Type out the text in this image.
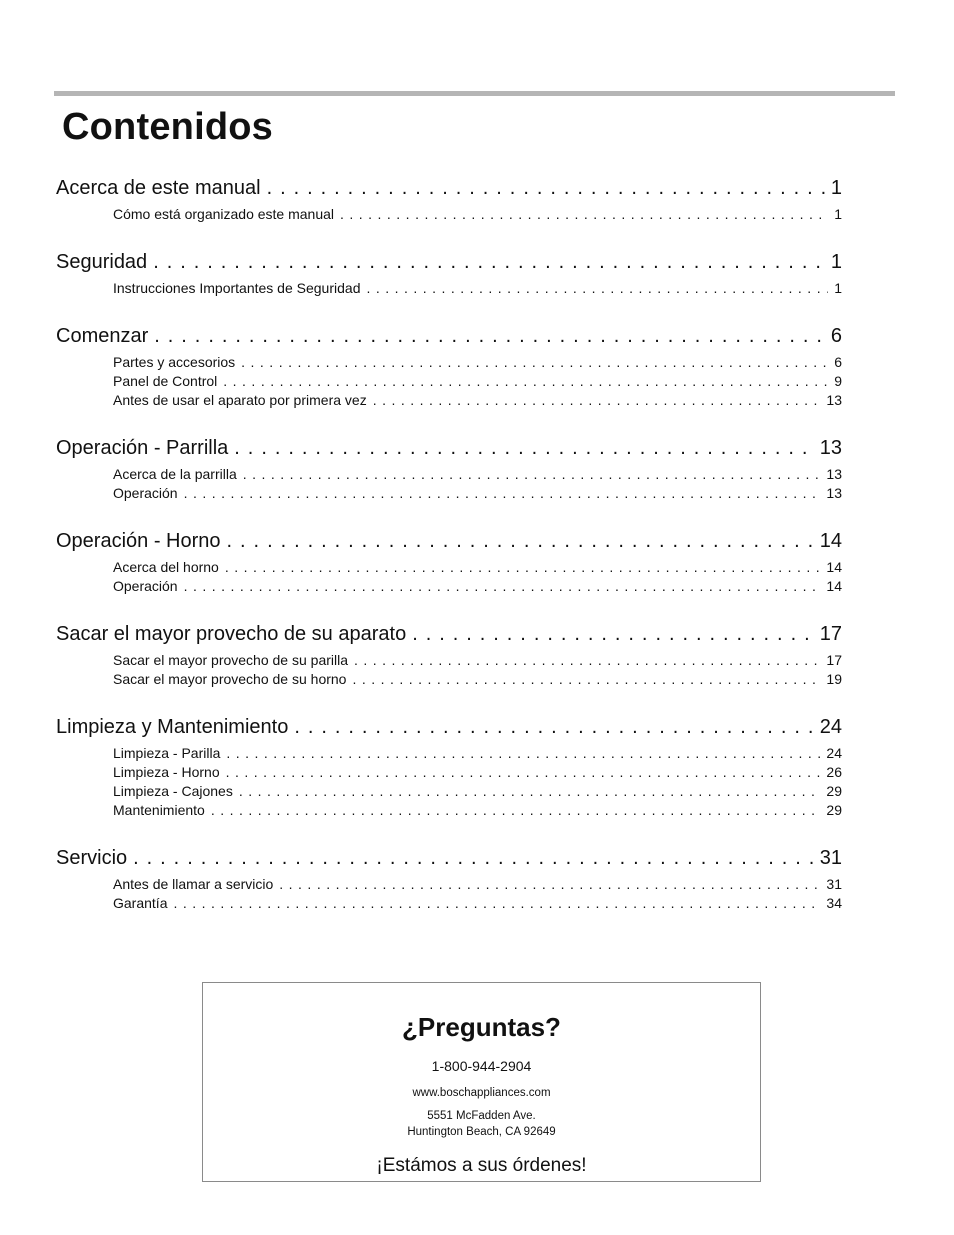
Contenidos
Acerca de este manual . . .	1
Cómo está organizado este manual . . .	1
Seguridad . . .	1
Instrucciones Importantes de Seguridad . . .	1
Comenzar . . .	6
Partes y accesorios . . .	6
Panel de Control . . .	9
Antes de usar el aparato por primera vez . . .	13
Operación - Parrilla . . .	13
Acerca de la parrilla . . .	13
Operación . . .	13
Operación - Horno . . .	14
Acerca del horno . . .	14
Operación . . .	14
Sacar el mayor provecho de su aparato . . .	17
Sacar el mayor provecho de su parilla . . .	17
Sacar el mayor provecho de su horno . . .	19
Limpieza y Mantenimiento . . .	24
Limpieza - Parilla . . .	24
Limpieza - Horno . . .	26
Limpieza - Cajones . . .	29
Mantenimiento . . .	29
Servicio . . .	31
Antes de llamar a servicio . . .	31
Garantía . . .	34
¿Preguntas?
1-800-944-2904
www.boschappliances.com
5551 McFadden Ave.
Huntington Beach, CA 92649
¡Estámos a sus órdenes!
